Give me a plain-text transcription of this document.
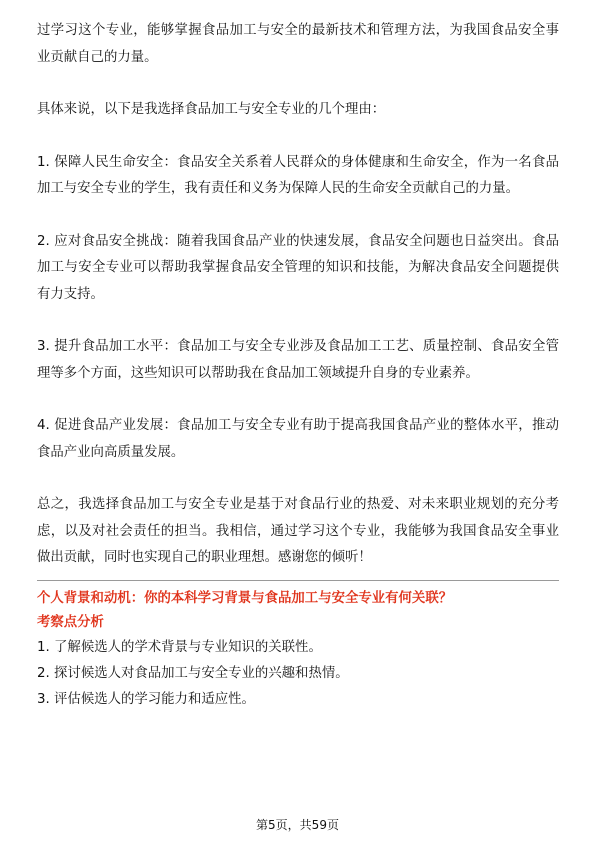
过学习这个专业，能够掌握食品加工与安全的最新技术和管理方法，为我国食品安全事业贡献自己的力量。

具体来说，以下是我选择食品加工与安全专业的几个理由：

1. 保障人民生命安全：食品安全关系着人民群众的身体健康和生命安全，作为一名食品加工与安全专业的学生，我有责任和义务为保障人民的生命安全贡献自己的力量。

2. 应对食品安全挑战：随着我国食品产业的快速发展，食品安全问题也日益突出。食品加工与安全专业可以帮助我掌握食品安全管理的知识和技能，为解决食品安全问题提供有力支持。

3. 提升食品加工水平：食品加工与安全专业涉及食品加工工艺、质量控制、食品安全管理等多个方面，这些知识可以帮助我在食品加工领域提升自身的专业素养。

4. 促进食品产业发展：食品加工与安全专业有助于提高我国食品产业的整体水平，推动食品产业向高质量发展。

总之，我选择食品加工与安全专业是基于对食品行业的热爱、对未来职业规划的充分考虑，以及对社会责任的担当。我相信，通过学习这个专业，我能够为我国食品安全事业做出贡献，同时也实现自己的职业理想。感谢您的倾听！

个人背景和动机：你的本科学习背景与食品加工与安全专业有何关联？

考察点分析

1. 了解候选人的学术背景与专业知识的关联性。

2. 探讨候选人对食品加工与安全专业的兴趣和热情。

3. 评估候选人的学习能力和适应性。

第5页，共59页
